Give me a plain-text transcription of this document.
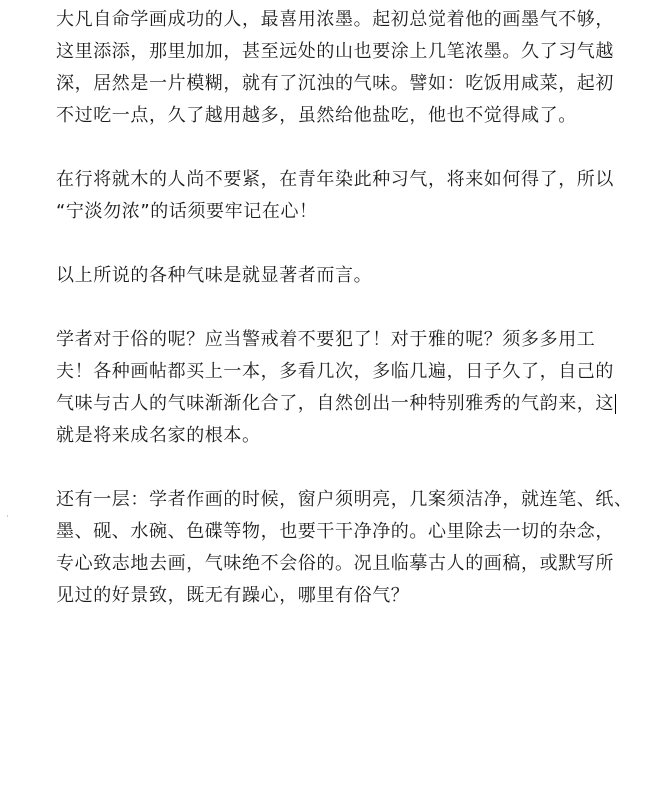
·

大凡自命学画成功的人，最喜用浓墨。起初总觉着他的画墨气不够，
这里添添，那里加加，甚至远处的山也要涂上几笔浓墨。久了习气越
深，居然是一片模糊，就有了沉浊的气味。譬如：吃饭用咸菜，起初
不过吃一点，久了越用越多，虽然给他盐吃，他也不觉得咸了。

在行将就木的人尚不要紧，在青年染此种习气，将来如何得了，所以
“宁淡勿浓”的话须要牢记在心！

以上所说的各种气味是就显著者而言。

学者对于俗的呢？应当警戒着不要犯了！对于雅的呢？须多多用工
夫！各种画帖都买上一本，多看几次，多临几遍，日子久了，自己的
气味与古人的气味渐渐化合了，自然创出一种特别雅秀的气韵来，这
就是将来成名家的根本。

还有一层：学者作画的时候，窗户须明亮，几案须洁净，就连笔、纸、
墨、砚、水碗、色碟等物，也要干干净净的。心里除去一切的杂念，
专心致志地去画，气味绝不会俗的。况且临摹古人的画稿，或默写所
见过的好景致，既无有躁心，哪里有俗气？
